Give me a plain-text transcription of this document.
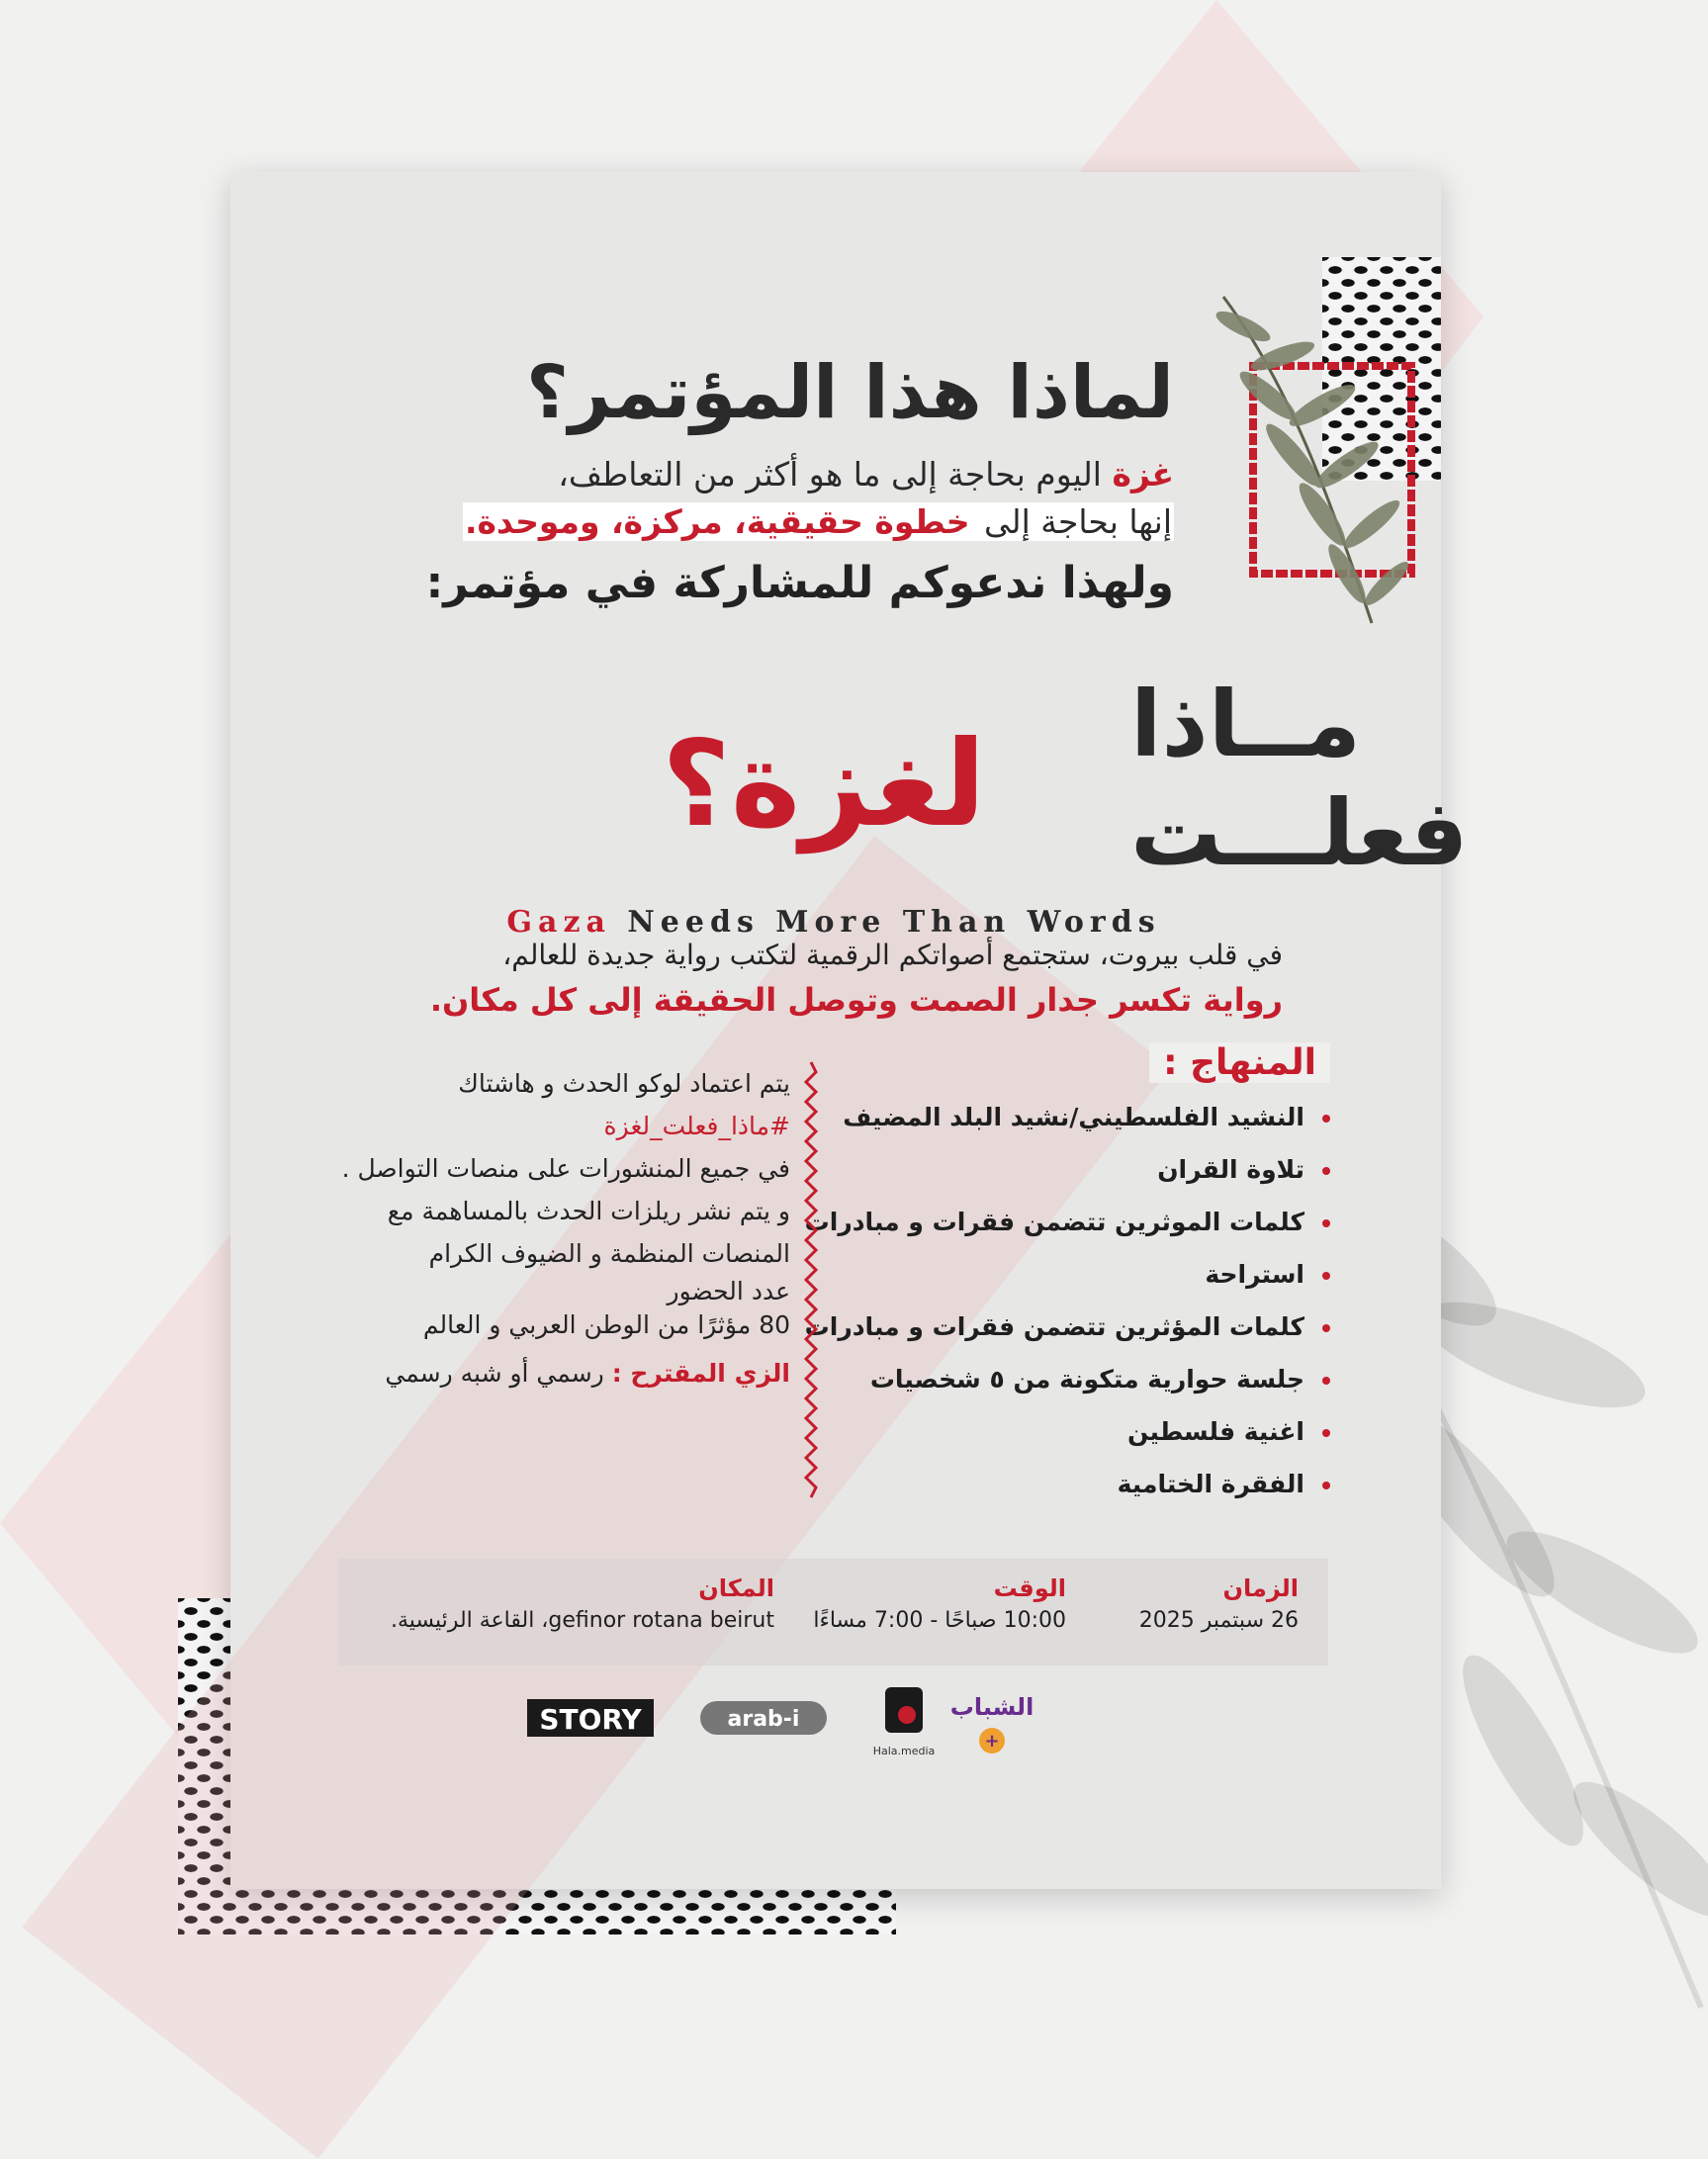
لماذا هذا المؤتمر؟
غزة اليوم بحاجة إلى ما هو أكثر من التعاطف،
إنها بحاجة إلى خطوة حقيقية، مركزة، وموحدة.
ولهذا ندعوكم للمشاركة في مؤتمر:
مــاذا
فعلـــت
لغزة؟
Gaza Needs More Than Words
في قلب بيروت، ستجتمع أصواتكم الرقمية لتكتب رواية جديدة للعالم،
رواية تكسر جدار الصمت وتوصل الحقيقة إلى كل مكان.
المنهاج :
النشيد الفلسطيني/نشيد البلد المضيف
تلاوة القران
كلمات الموثرين تتضمن فقرات و مبادرات
استراحة
كلمات المؤثرين تتضمن فقرات و مبادرات
جلسة حوارية متكونة من ٥ شخصيات
اغنية فلسطين
الفقرة الختامية

يتم اعتماد لوكو الحدث و هاشتاك

#ماذا_فعلت_لغزة

في جميع المنشورات على منصات التواصل .

و يتم نشر ريلزات الحدث بالمساهمة مع المنصات المنظمة و الضيوف الكرام

عدد الحضور

80 مؤثرًا من الوطن العربي و العالم

الزي المقترح : رسمي أو شبه رسمي

الزمان
26 سبتمبر 2025
الوقت
10:00 صباحًا - 7:00 مساءًا
المكان
gefinor rotana beirut، القاعة الرئيسية.
STORY	arab-i
Hala.media
الشباب
+
